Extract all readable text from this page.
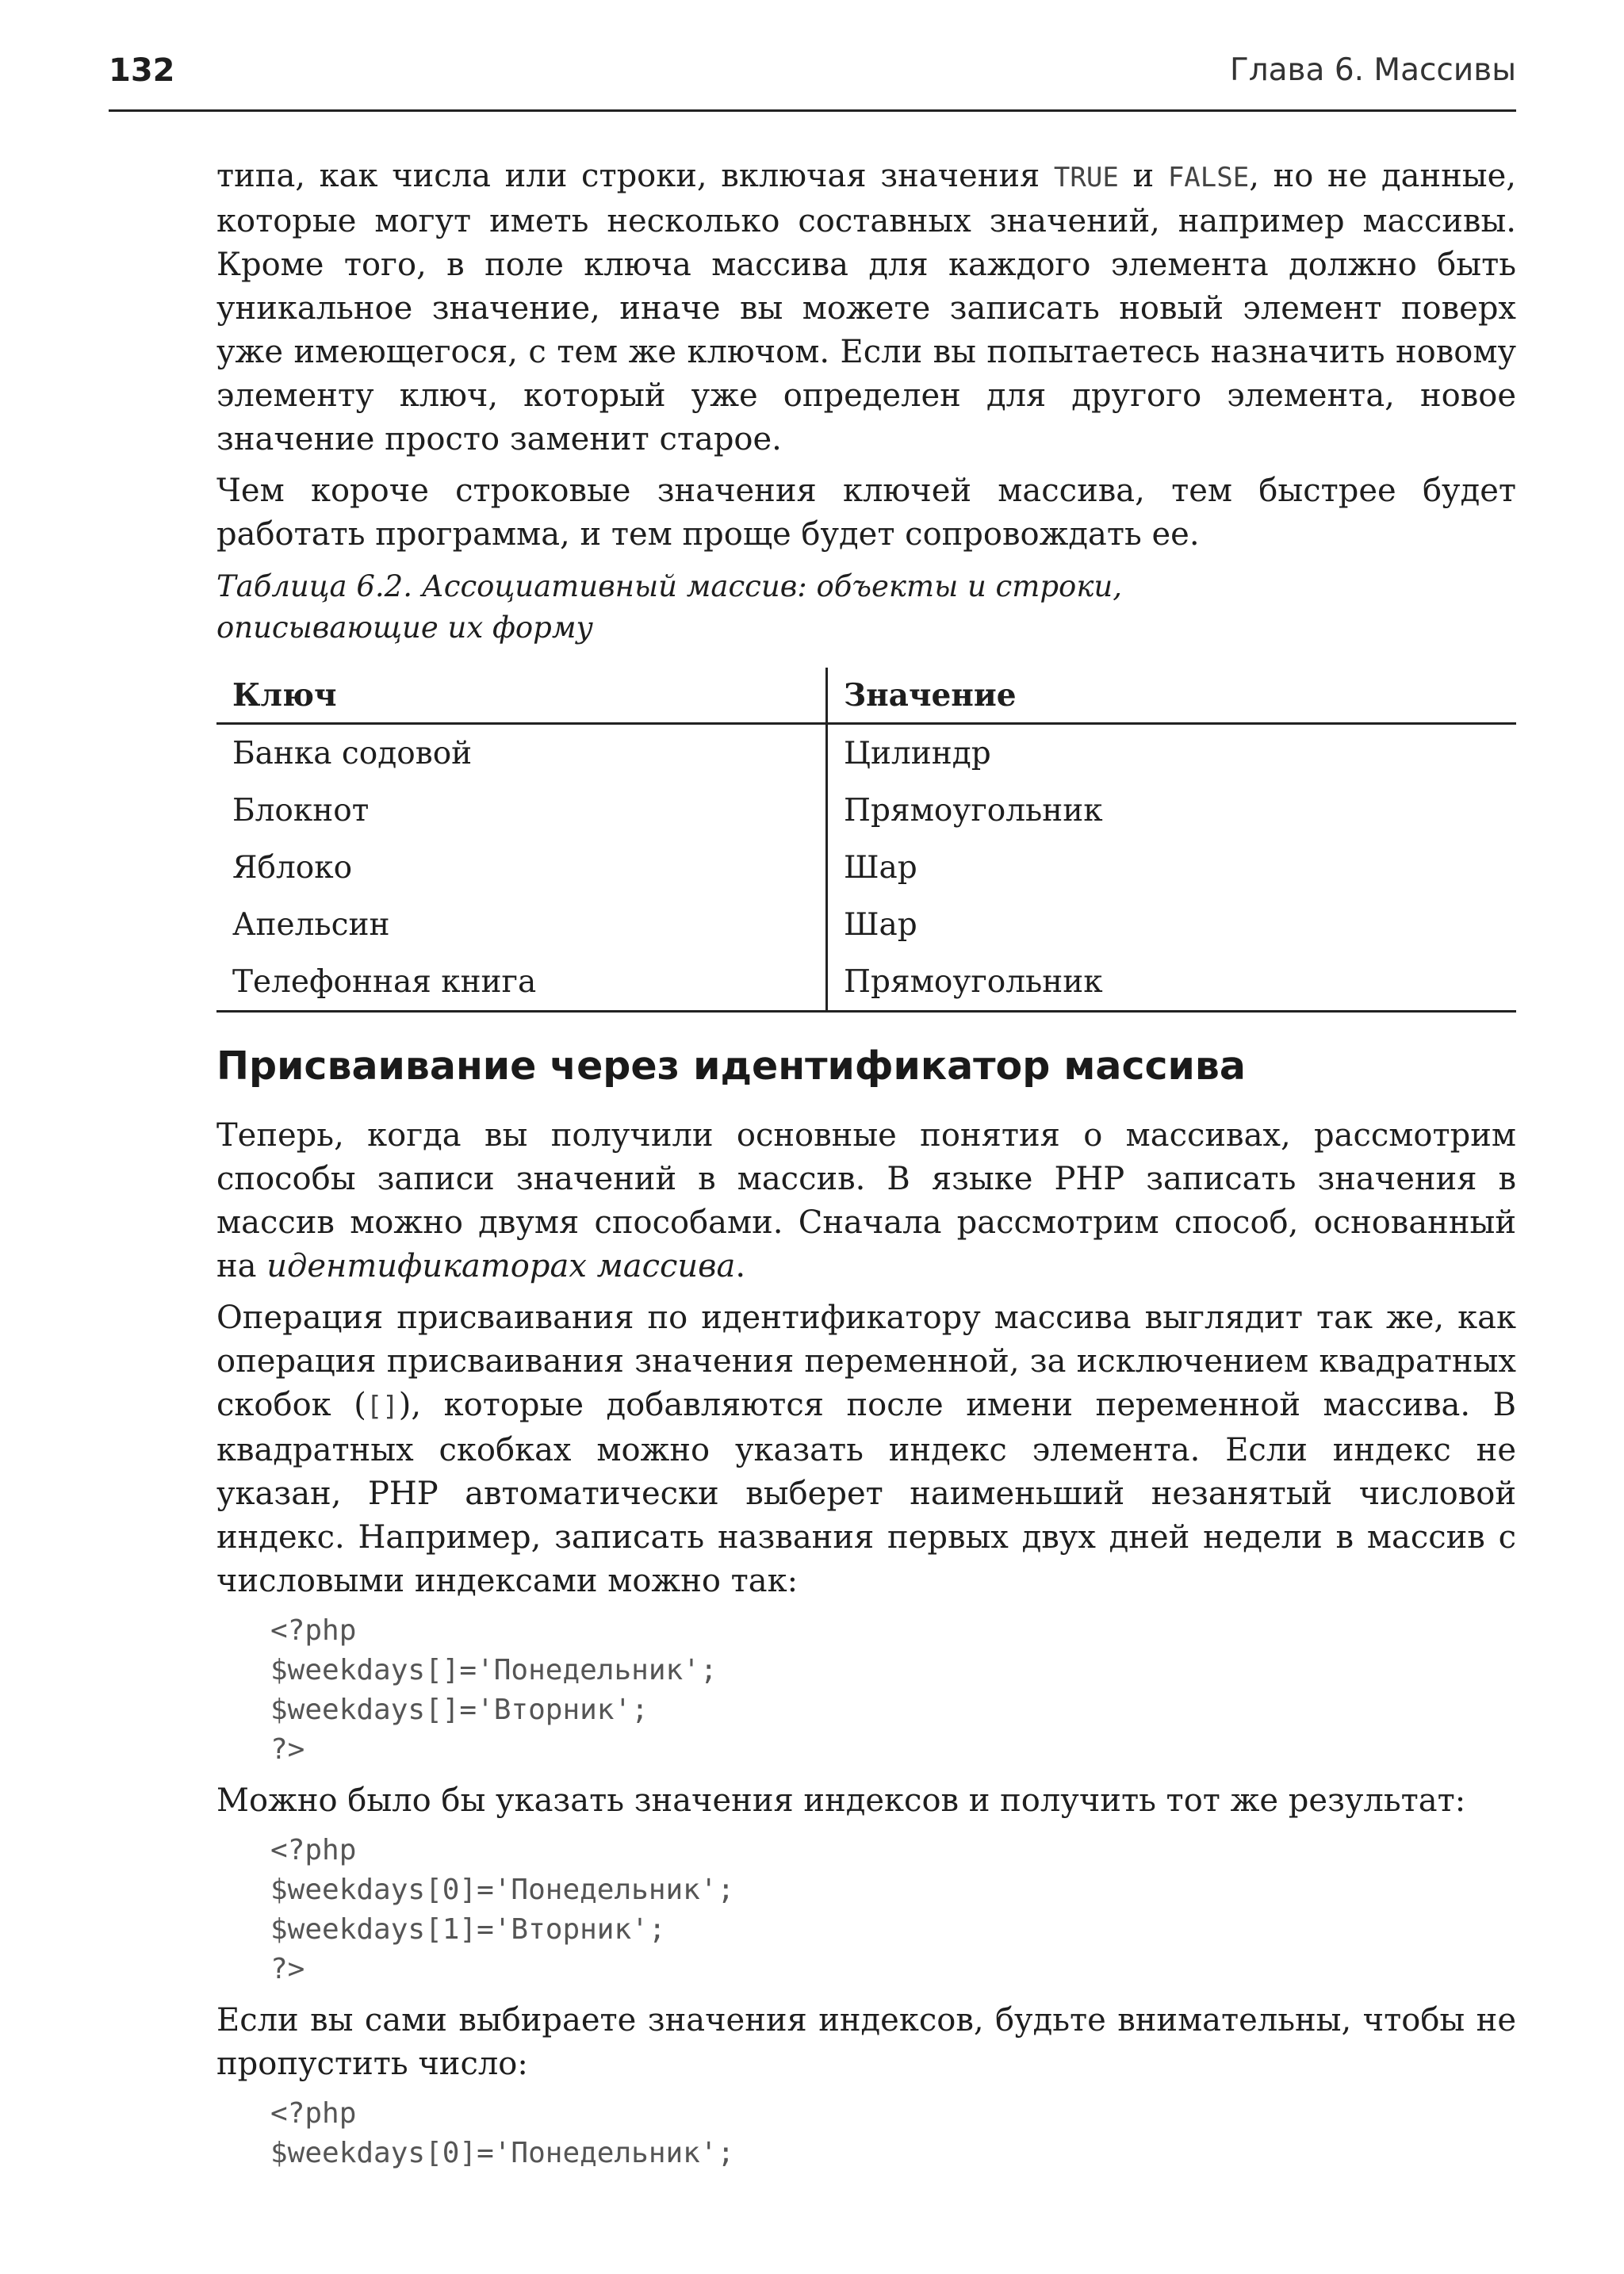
132	Глава 6. Массивы

типа, как числа или строки, включая значения TRUE и FALSE, но не данные, которые могут иметь несколько составных значений, например массивы. Кроме того, в поле ключа массива для каждого элемента должно быть уникальное значение, иначе вы можете записать новый элемент поверх уже имеющегося, с тем же ключом. Если вы попытаетесь назначить новому элементу ключ, который уже определен для другого элемента, новое значение просто заменит старое.

Чем короче строковые значения ключей массива, тем быстрее будет работать программа, и тем проще будет сопровождать ее.

Таблица 6.2. Ассоциативный массив: объекты и строки,
описывающие их форму
Ключ	Значение
Банка содовой	Цилиндр
Блокнот	Прямоугольник
Яблоко	Шар
Апельсин	Шар
Телефонная книга	Прямоугольник
Присваивание через идентификатор массива

Теперь, когда вы получили основные понятия о массивах, рассмотрим способы записи значений в массив. В языке PHP записать значения в массив можно двумя способами. Сначала рассмотрим способ, основанный на идентификаторах массива.

Операция присваивания по идентификатору массива выглядит так же, как операция присваивания значения переменной, за исключением квадратных скобок ([]), которые добавляются после имени переменной массива. В квадратных скобках можно указать индекс элемента. Если индекс не указан, PHP автоматически выберет наименьший незанятый числовой индекс. Например, записать названия первых двух дней недели в массив с числовыми индексами можно так:

<?php
$weekdays[]='Понедельник';
$weekdays[]='Вторник';
?>

Можно было бы указать значения индексов и получить тот же результат:

<?php
$weekdays[0]='Понедельник';
$weekdays[1]='Вторник';
?>

Если вы сами выбираете значения индексов, будьте внимательны, чтобы не пропустить число:

<?php
$weekdays[0]='Понедельник';
